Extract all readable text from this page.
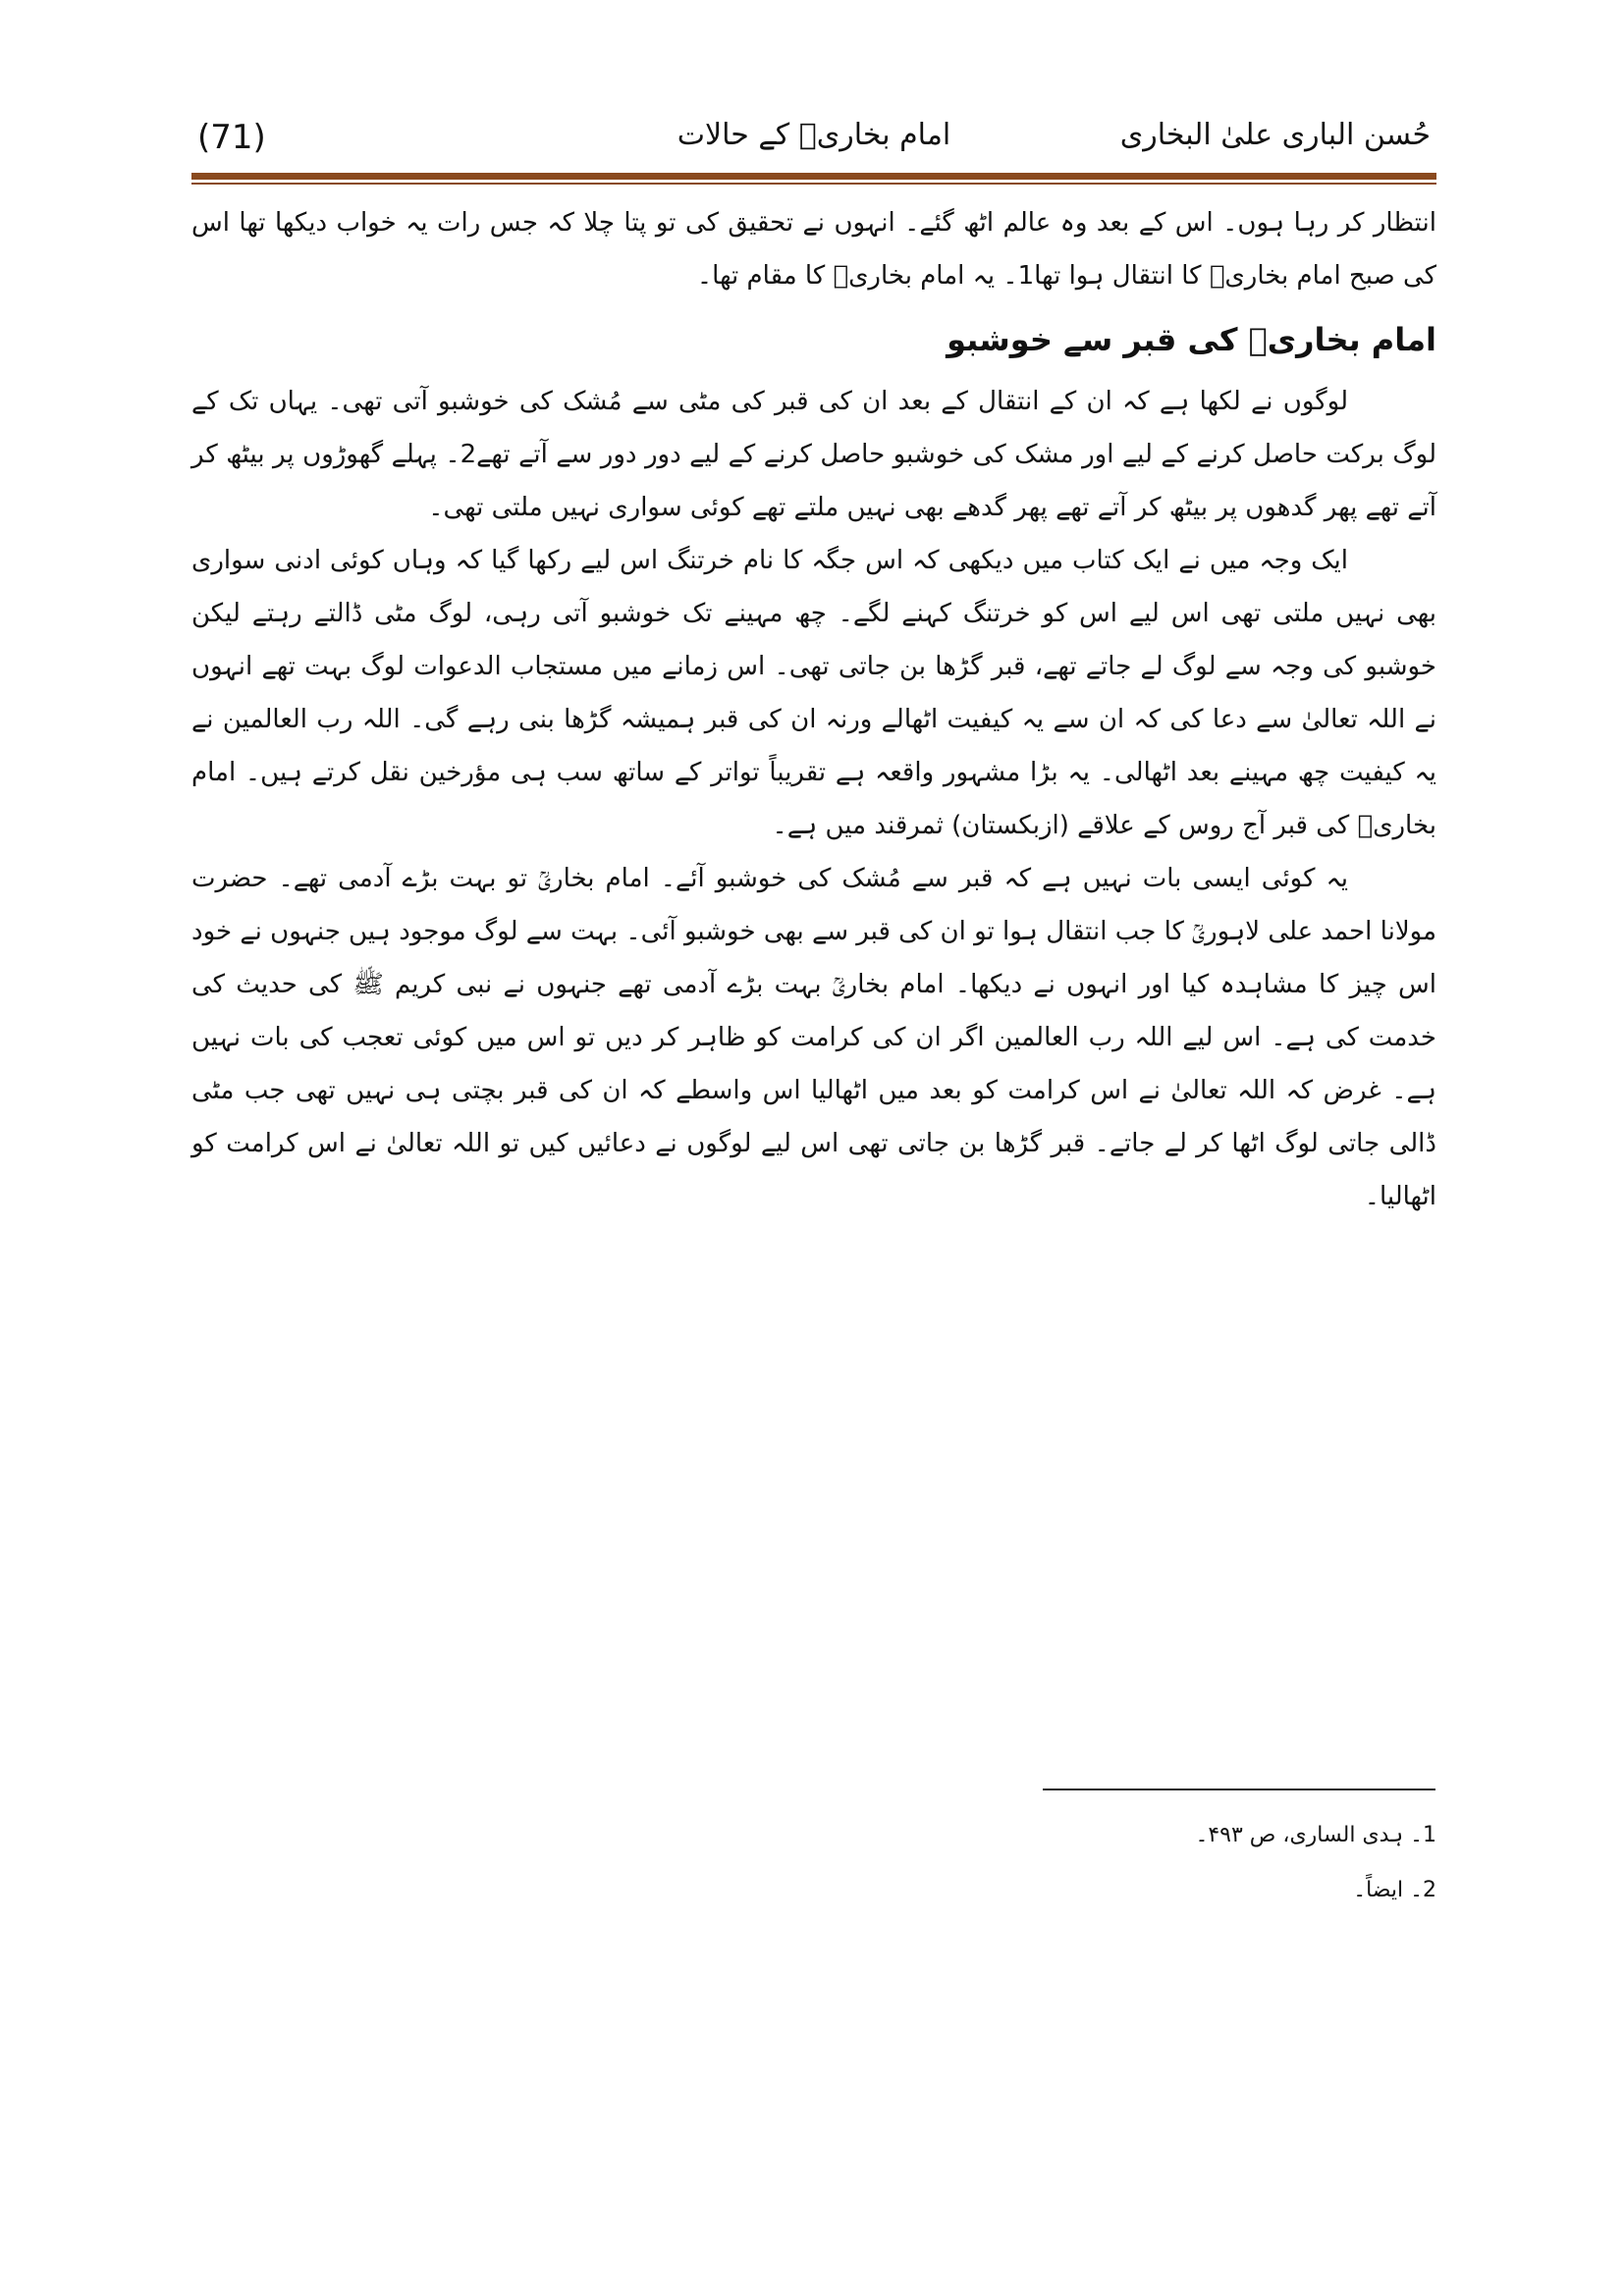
(71)	امام بخاریؒ کے حالات	حُسن الباری علیٰ البخاری

انتظار کر رہا ہوں۔ اس کے بعد وہ عالم اٹھ گئے۔ انہوں نے تحقیق کی تو پتا چلا کہ جس رات یہ خواب دیکھا تھا اس کی صبح امام بخاریؒ کا انتقال ہوا تھا1۔ یہ امام بخاریؒ کا مقام تھا۔

امام بخاریؒ کی قبر سے خوشبو

لوگوں نے لکھا ہے کہ ان کے انتقال کے بعد ان کی قبر کی مٹی سے مُشک کی خوشبو آتی تھی۔ یہاں تک کے لوگ برکت حاصل کرنے کے لیے اور مشک کی خوشبو حاصل کرنے کے لیے دور دور سے آتے تھے2۔ پہلے گھوڑوں پر بیٹھ کر آتے تھے پھر گدھوں پر بیٹھ کر آتے تھے پھر گدھے بھی نہیں ملتے تھے کوئی سواری نہیں ملتی تھی۔

ایک وجہ میں نے ایک کتاب میں دیکھی کہ اس جگہ کا نام خرتنگ اس لیے رکھا گیا کہ وہاں کوئی ادنی سواری بھی نہیں ملتی تھی اس لیے اس کو خرتنگ کہنے لگے۔ چھ مہینے تک خوشبو آتی رہی، لوگ مٹی ڈالتے رہتے لیکن خوشبو کی وجہ سے لوگ لے جاتے تھے، قبر گڑھا بن جاتی تھی۔ اس زمانے میں مستجاب الدعوات لوگ بہت تھے انہوں نے اللہ تعالیٰ سے دعا کی کہ ان سے یہ کیفیت اٹھالے ورنہ ان کی قبر ہمیشہ گڑھا بنی رہے گی۔ اللہ رب العالمین نے یہ کیفیت چھ مہینے بعد اٹھالی۔ یہ بڑا مشہور واقعہ ہے تقریباً تواتر کے ساتھ سب ہی مؤرخین نقل کرتے ہیں۔ امام بخاریؒ کی قبر آج روس کے علاقے (ازبکستان) ثمرقند میں ہے۔

یہ کوئی ایسی بات نہیں ہے کہ قبر سے مُشک کی خوشبو آئے۔ امام بخاریؒ تو بہت بڑے آدمی تھے۔ حضرت مولانا احمد علی لاہوریؒ کا جب انتقال ہوا تو ان کی قبر سے بھی خوشبو آئی۔ بہت سے لوگ موجود ہیں جنہوں نے خود اس چیز کا مشاہدہ کیا اور انہوں نے دیکھا۔ امام بخاریؒ بہت بڑے آدمی تھے جنہوں نے نبی کریم ﷺ کی حدیث کی خدمت کی ہے۔ اس لیے اللہ رب العالمین اگر ان کی کرامت کو ظاہر کر دیں تو اس میں کوئی تعجب کی بات نہیں ہے۔ غرض کہ اللہ تعالیٰ نے اس کرامت کو بعد میں اٹھالیا اس واسطے کہ ان کی قبر بچتی ہی نہیں تھی جب مٹی ڈالی جاتی لوگ اٹھا کر لے جاتے۔ قبر گڑھا بن جاتی تھی اس لیے لوگوں نے دعائیں کیں تو اللہ تعالیٰ نے اس کرامت کو اٹھالیا۔

1۔ ہدی الساری، ص ۴۹۳۔

2۔ ایضاً۔
